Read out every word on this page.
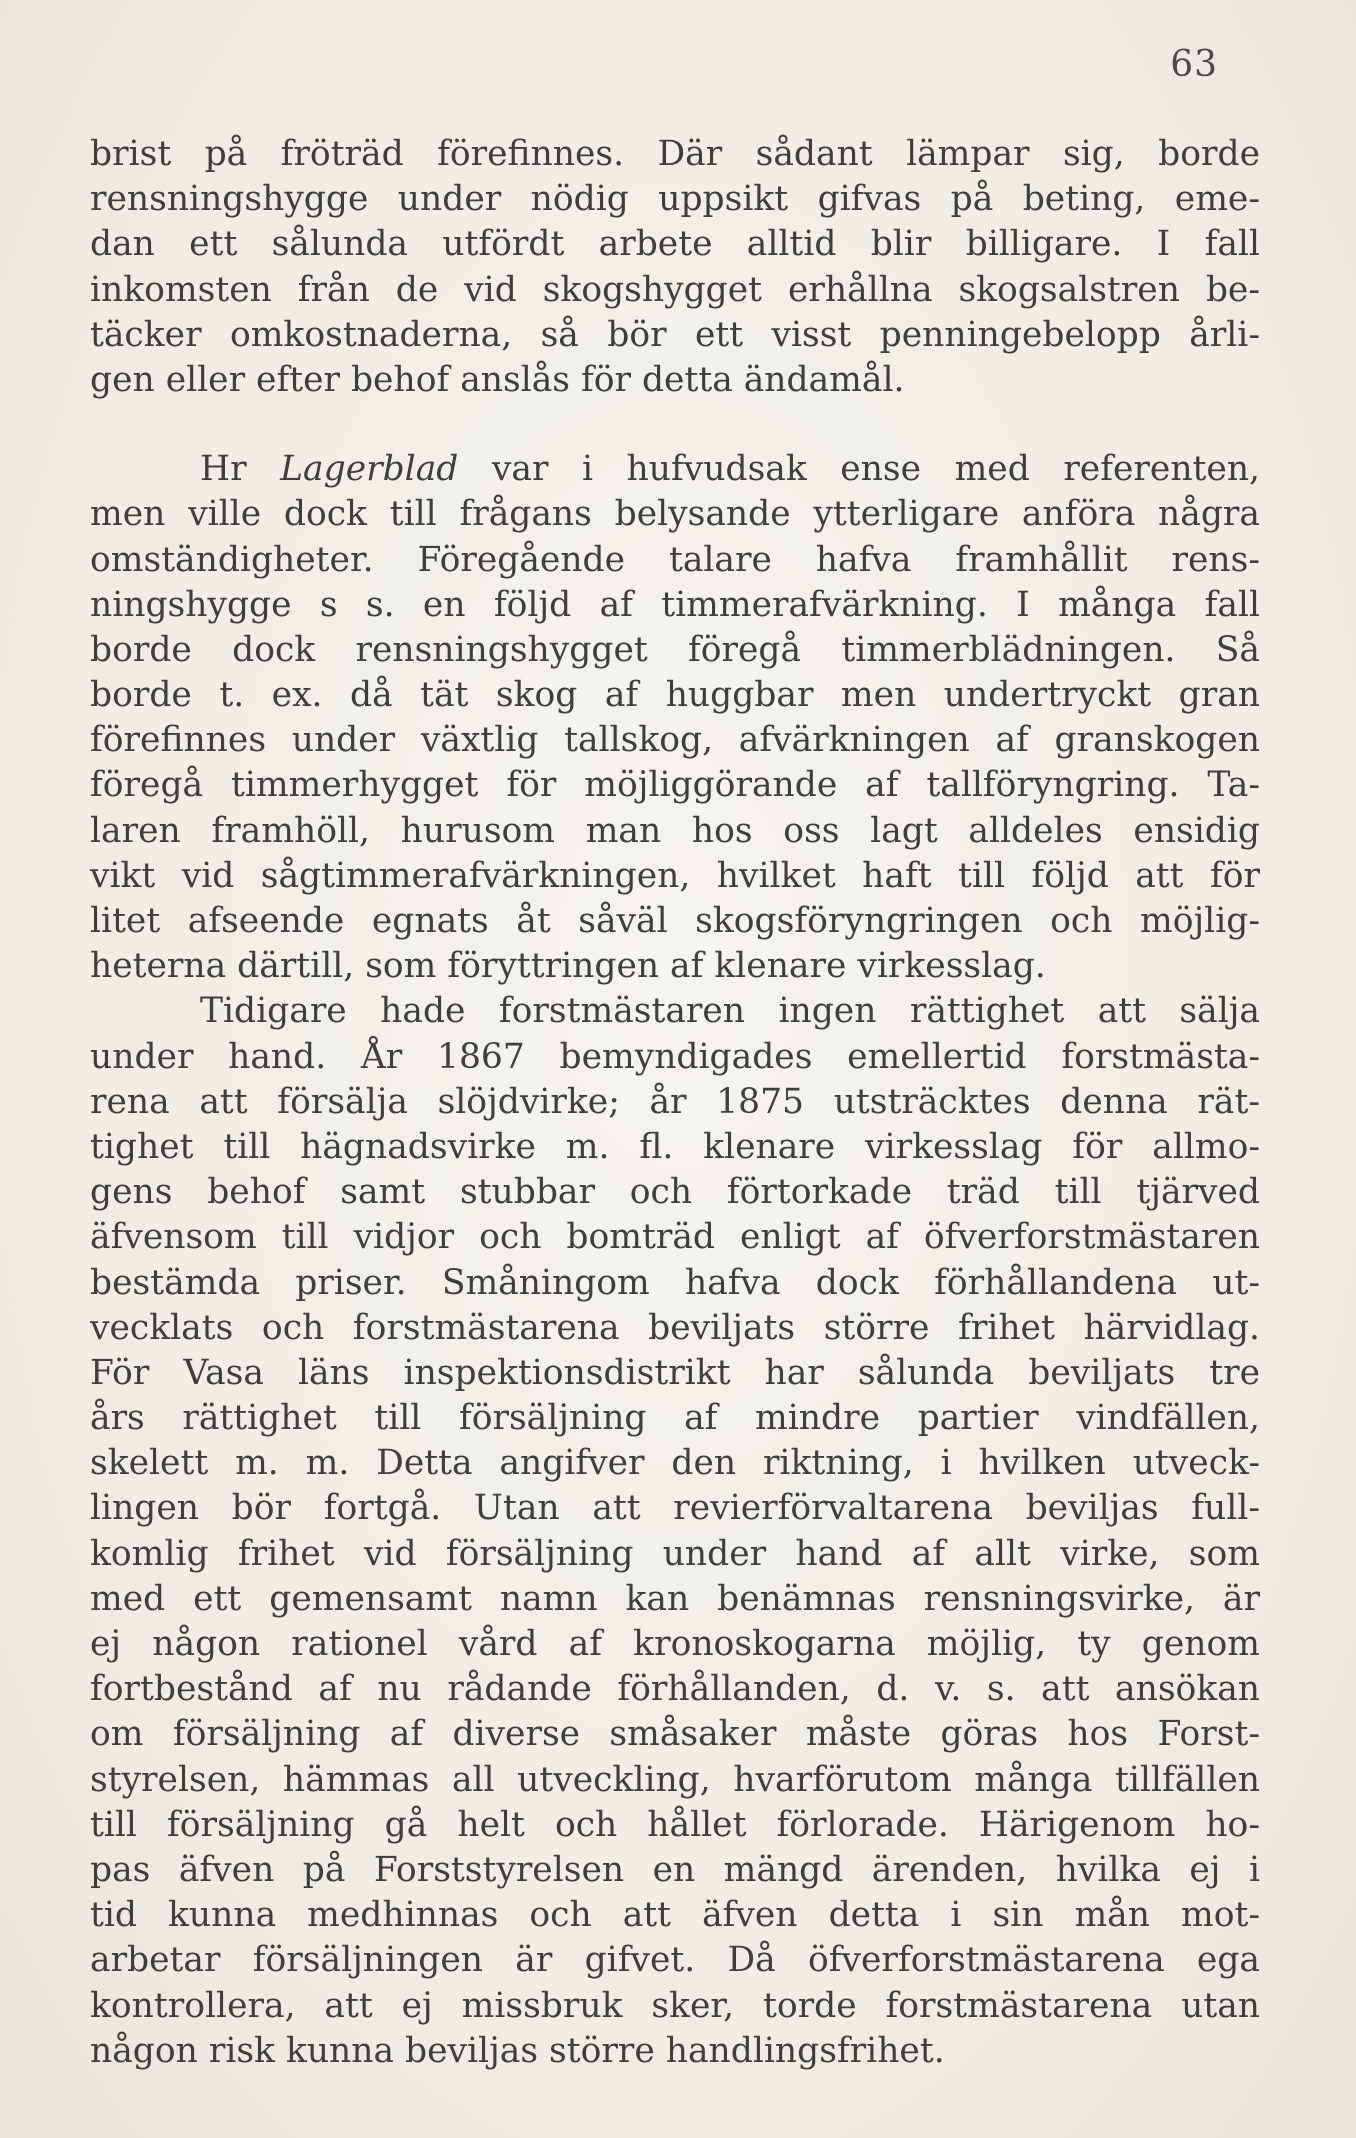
63
brist på fröträd förefinnes. Där sådant lämpar sig, borde
rensningshygge under nödig uppsikt gifvas på beting, eme-
dan ett sålunda utfördt arbete alltid blir billigare. I fall
inkomsten från de vid skogshygget erhållna skogsalstren be-
täcker omkostnaderna, så bör ett visst penningebelopp årli-
gen eller efter behof anslås för detta ändamål.
Hr Lagerblad var i hufvudsak ense med referenten,
men ville dock till frågans belysande ytterligare anföra några
omständigheter. Föregående talare hafva framhållit rens-
ningshygge s s. en följd af timmerafvärkning. I många fall
borde dock rensningshygget föregå timmerblädningen. Så
borde t. ex. då tät skog af huggbar men undertryckt gran
förefinnes under växtlig tallskog, afvärkningen af granskogen
föregå timmerhygget för möjliggörande af tallföryngring. Ta-
laren framhöll, hurusom man hos oss lagt alldeles ensidig
vikt vid sågtimmerafvärkningen, hvilket haft till följd att för
litet afseende egnats åt såväl skogsföryngringen och möjlig-
heterna därtill, som föryttringen af klenare virkesslag.
Tidigare hade forstmästaren ingen rättighet att sälja
under hand. År 1867 bemyndigades emellertid forstmästa-
rena att försälja slöjdvirke; år 1875 utsträcktes denna rät-
tighet till hägnadsvirke m. fl. klenare virkesslag för allmo-
gens behof samt stubbar och förtorkade träd till tjärved
äfvensom till vidjor och bomträd enligt af öfverforstmästaren
bestämda priser. Småningom hafva dock förhållandena ut-
vecklats och forstmästarena beviljats större frihet härvidlag.
För Vasa läns inspektionsdistrikt har sålunda beviljats tre
års rättighet till försäljning af mindre partier vindfällen,
skelett m. m. Detta angifver den riktning, i hvilken utveck-
lingen bör fortgå. Utan att revierförvaltarena beviljas full-
komlig frihet vid försäljning under hand af allt virke, som
med ett gemensamt namn kan benämnas rensningsvirke, är
ej någon rationel vård af kronoskogarna möjlig, ty genom
fortbestånd af nu rådande förhållanden, d. v. s. att ansökan
om försäljning af diverse småsaker måste göras hos Forst-
styrelsen, hämmas all utveckling, hvarförutom många tillfällen
till försäljning gå helt och hållet förlorade. Härigenom ho-
pas äfven på Forststyrelsen en mängd ärenden, hvilka ej i
tid kunna medhinnas och att äfven detta i sin mån mot-
arbetar försäljningen är gifvet. Då öfverforstmästarena ega
kontrollera, att ej missbruk sker, torde forstmästarena utan
någon risk kunna beviljas större handlingsfrihet.
